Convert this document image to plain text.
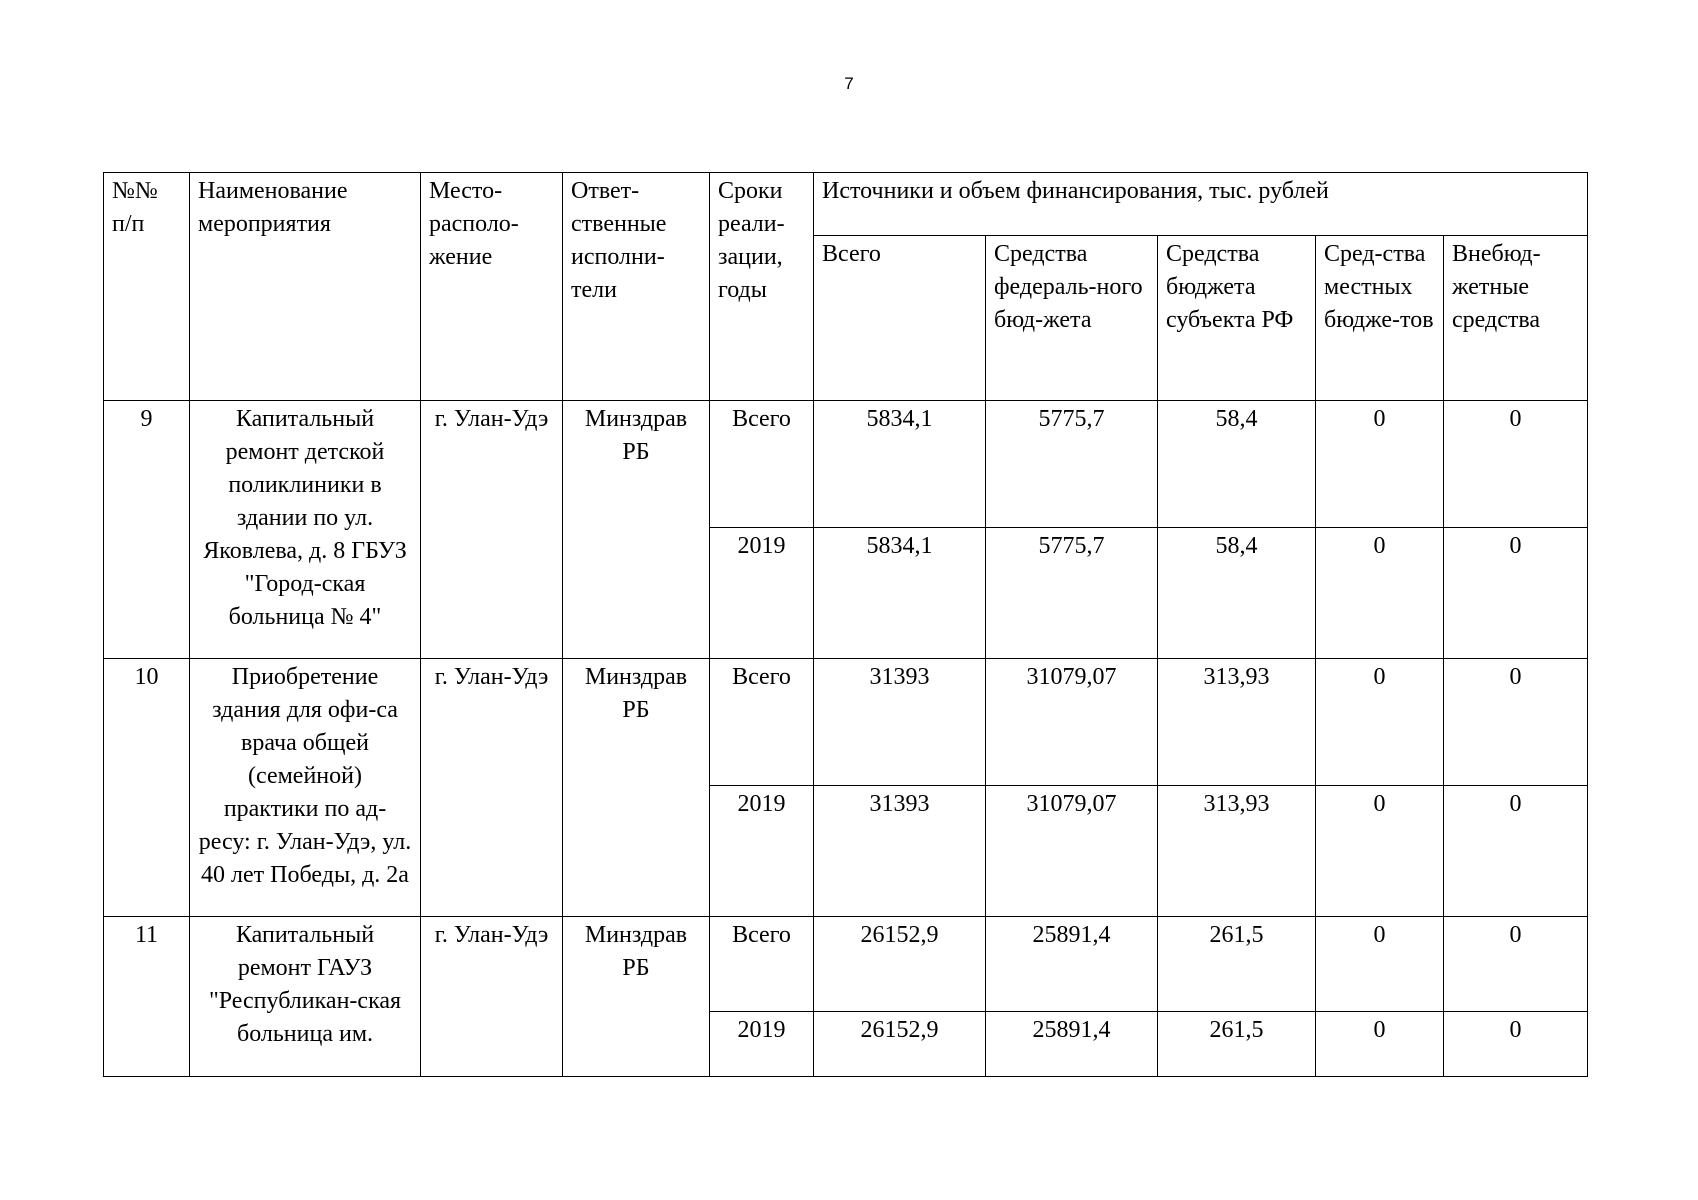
7
№№ п/п	Наименование мероприятия	Место-располо-жение	Ответ-ственные исполни-тели	Сроки реали-зации, годы	Источники и объем финансирования, тыс. рублей				
					Всего	Средства федераль-ного бюд-жета	Средства бюджета субъекта РФ	Сред-ства местных бюдже-тов	Внебюд-жетные средства
9	Капитальный ремонт детской поликлиники в здании по ул. Яковлева, д. 8 ГБУЗ "Город-ская больница № 4"	г. Улан-Удэ	Минздрав РБ	Всего	5834,1	5775,7	58,4	0	0
				2019	5834,1	5775,7	58,4	0	0
10	Приобретение здания для офи-са врача общей (семейной) практики по ад-ресу: г. Улан-Удэ, ул. 40 лет Победы, д. 2а	г. Улан-Удэ	Минздрав РБ	Всего	31393	31079,07	313,93	0	0
				2019	31393	31079,07	313,93	0	0
11	Капитальный ремонт ГАУЗ "Республикан-ская больница им.	г. Улан-Удэ	Минздрав РБ	Всего	26152,9	25891,4	261,5	0	0
				2019	26152,9	25891,4	261,5	0	0
